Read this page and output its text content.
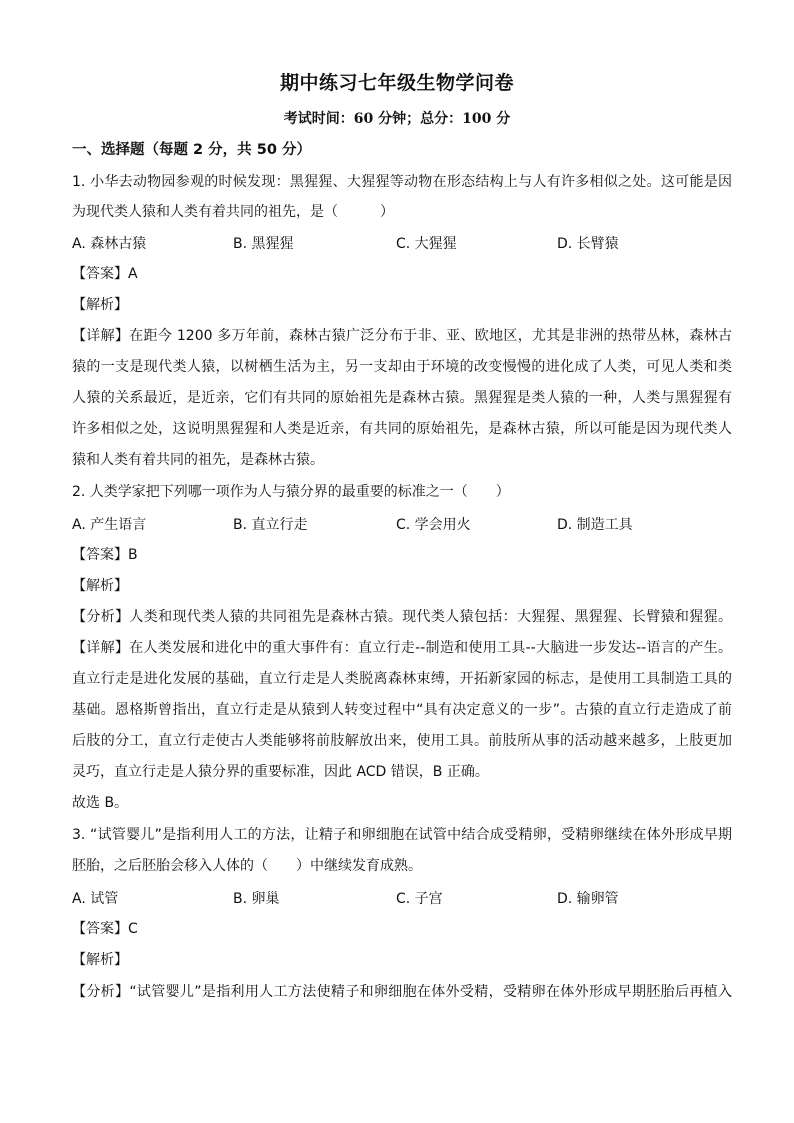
期中练习七年级生物学问卷
考试时间：60 分钟；总分：100 分
一、选择题（每题 2 分，共 50 分）
1. 小华去动物园参观的时候发现：黑猩猩、大猩猩等动物在形态结构上与人有许多相似之处。这可能是因
为现代类人猿和人类有着共同的祖先，是（　　　）
A. 森林古猿	B. 黑猩猩	C. 大猩猩	D. 长臂猿
【答案】A
【解析】
【详解】在距今 1200 多万年前，森林古猿广泛分布于非、亚、欧地区，尤其是非洲的热带丛林，森林古
猿的一支是现代类人猿，以树栖生活为主，另一支却由于环境的改变慢慢的进化成了人类，可见人类和类
人猿的关系最近，是近亲，它们有共同的原始祖先是森林古猿。黑猩猩是类人猿的一种，人类与黑猩猩有
许多相似之处，这说明黑猩猩和人类是近亲，有共同的原始祖先，是森林古猿，所以可能是因为现代类人
猿和人类有着共同的祖先，是森林古猿。
2. 人类学家把下列哪一项作为人与猿分界的最重要的标准之一（　　）
A. 产生语言	B. 直立行走	C. 学会用火	D. 制造工具
【答案】B
【解析】
【分析】人类和现代类人猿的共同祖先是森林古猿。现代类人猿包括：大猩猩、黑猩猩、长臂猿和猩猩。
【详解】在人类发展和进化中的重大事件有：直立行走--制造和使用工具--大脑进一步发达--语言的产生。
直立行走是进化发展的基础，直立行走是人类脱离森林束缚，开拓新家园的标志，是使用工具制造工具的
基础。恩格斯曾指出，直立行走是从猿到人转变过程中“具有决定意义的一步”。古猿的直立行走造成了前
后肢的分工，直立行走使古人类能够将前肢解放出来，使用工具。前肢所从事的活动越来越多，上肢更加
灵巧，直立行走是人猿分界的重要标准，因此 ACD 错误，B 正确。
故选 B。
3. “试管婴儿”是指利用人工的方法，让精子和卵细胞在试管中结合成受精卵，受精卵继续在体外形成早期
胚胎，之后胚胎会移入人体的（　　）中继续发育成熟。
A. 试管	B. 卵巢	C. 子宫	D. 输卵管
【答案】C
【解析】
【分析】“试管婴儿”是指利用人工方法使精子和卵细胞在体外受精，受精卵在体外形成早期胚胎后再植入
